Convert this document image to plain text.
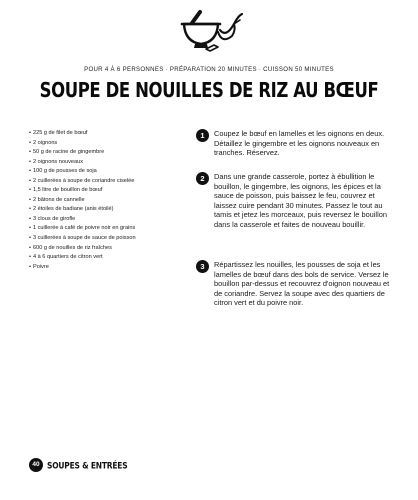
POUR 4 À 6 PERSONNES · PRÉPARATION 20 MINUTES · CUISSON 50 MINUTES
SOUPE DE NOUILLES DE RIZ AU BŒUF
• 225 g de filet de bœuf
• 2 oignons
• 50 g de racine de gingembre
• 2 oignons nouveaux
• 100 g de pousses de soja
• 2 cuillerées à soupe de coriandre ciselée
• 1,5 litre de bouillon de bœuf
• 2 bâtons de cannelle
• 2 étoiles de badiane (anis étoilé)
• 3 clous de girofle
• 1 cuillerée à café de poivre noir en grains
• 3 cuillerées à soupe de sauce de poisson
• 600 g de nouilles de riz fraîches
• 4 à 6 quartiers de citron vert
• Poivre
1	Coupez le bœuf en lamelles et les oignons en deux. Détaillez le gingembre et les oignons nouveaux en tranches. Réservez.
2	Dans une grande casserole, portez à ébullition le bouillon, le gingembre, les oignons, les épices et la sauce de poisson, puis baissez le feu, couvrez et laissez cuire pendant 30 minutes. Passez le tout au tamis et jetez les morceaux, puis reversez le bouillon dans la casserole et faites de nouveau bouillir.
3	Répartissez les nouilles, les pousses de soja et les lamelles de bœuf dans des bols de service. Versez le bouillon par-dessus et recouvrez d'oignon nouveau et de coriandre. Servez la soupe avec des quartiers de citron vert et du poivre noir.
40 SOUPES & ENTRÉES
